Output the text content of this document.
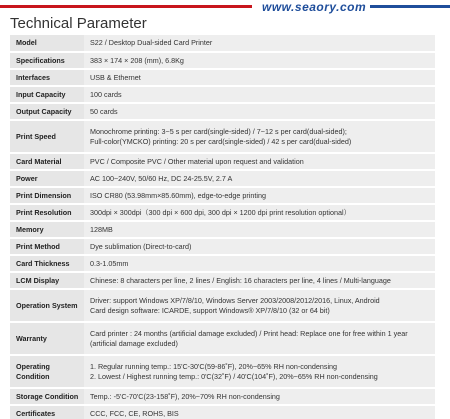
www.seaory.com
Technical Parameter
Model	S22 / Desktop Dual-sided Card Printer

Specifications	383 × 174 × 208 (mm), 6.8Kg

Interfaces	USB & Ethernet

Input Capacity	100 cards

Output Capacity	50 cards

Print Speed	Monochrome printing: 3~5 s per card(single-sided) / 7~12 s per card(dual-sided);
Full-color(YMCKO) printing: 20 s per card(single-sided) / 42 s per card(dual-sided)

Card Material	PVC / Composite PVC / Other material upon request and validation

Power	AC 100~240V, 50/60 Hz, DC 24-25.5V, 2.7 A

Print Dimension	ISO CR80 (53.98mm×85.60mm), edge-to-edge printing

Print Resolution	300dpi × 300dpi（300 dpi × 600 dpi, 300 dpi × 1200 dpi print resolution optional）

Memory	128MB

Print Method	Dye sublimation (Direct-to-card)

Card Thickness	0.3-1.05mm

LCM Display	Chinese: 8 characters per line, 2 lines / English: 16 characters per line, 4 lines / Multi-language

Operation System	Driver: support Windows XP/7/8/10, Windows Server 2003/2008/2012/2016, Linux, Android
Card design software: ICARDE, support Windows® XP/7/8/10 (32 or 64 bit)

Warranty	Card printer : 24 months (artificial damage excluded) / Print head: Replace one for free within 1 year
(artificial damage excluded)

Operating Condition	1. Regular running temp.: 15'C-30'C(59-86˚F), 20%~65% RH non-condensing
2. Lowest / Highest running temp.: 0'C(32˚F) / 40'C(104˚F), 20%~65% RH non-condensing

Storage Condition	Temp.: -5'C-70'C(23-158˚F), 20%~70% RH non-condensing

Certificates	CCC, FCC, CE, ROHS, BIS
